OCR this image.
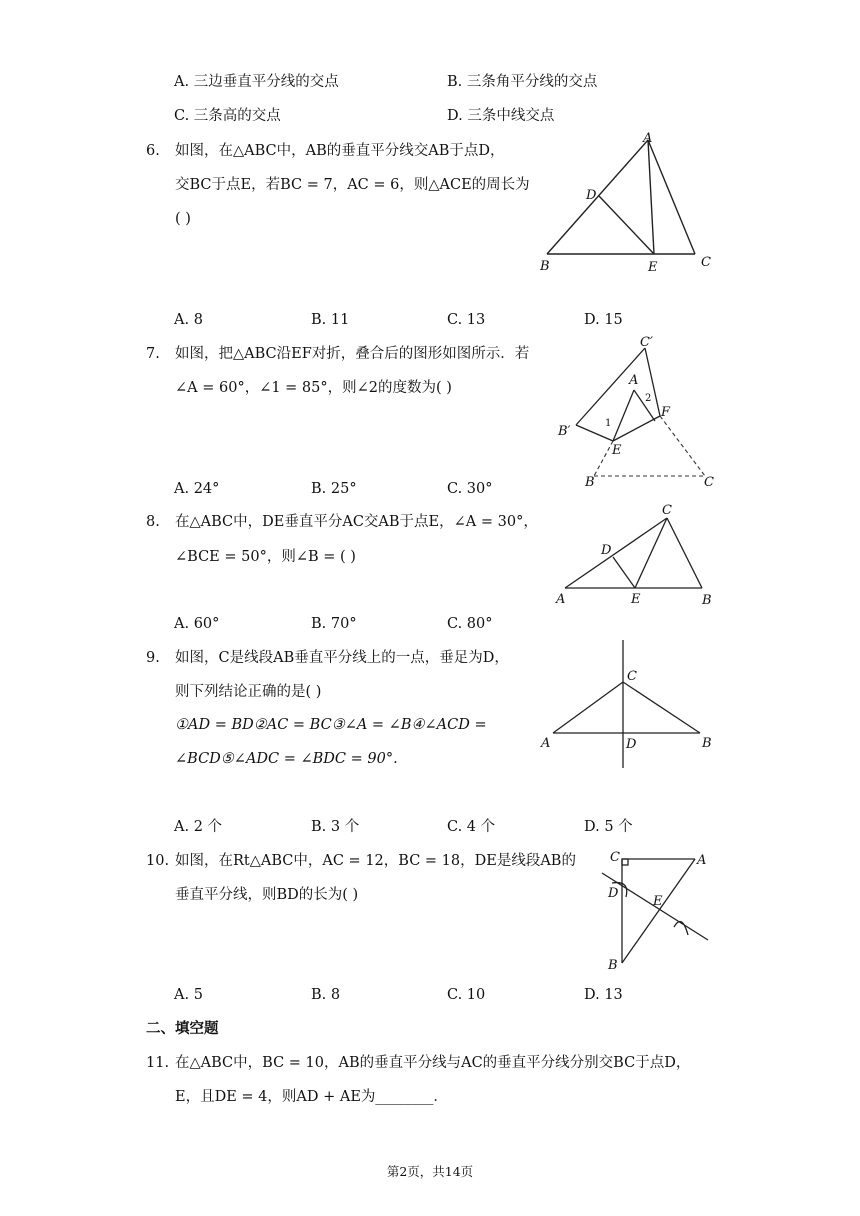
A. 三边垂直平分线的交点	B. 三条角平分线的交点
C. 三条高的交点	D. 三条中线交点
6. 如图，在△ABC中，AB的垂直平分线交AB于点D，
交BC于点E，若BC = 7，AC = 6，则△ACE的周长为
( )
A
D
B	E	C
A. 8	B. 11	C. 13	D. 15
7. 如图，把△ABC沿EF对折，叠合后的图形如图所示．若
∠A = 60°，∠1 = 85°，则∠2的度数为( )
C′
A
2
F
B′
1
E
B	C
A. 24°	B. 25°	C. 30°
8. 在△ABC中，DE垂直平分AC交AB于点E，∠A = 30°，
∠BCE = 50°，则∠B = ( )
C
D
A	E	B
A. 60°	B. 70°	C. 80°
9. 如图，C是线段AB垂直平分线上的一点，垂足为D，
则下列结论正确的是( )
①AD = BD②AC = BC③∠A = ∠B④∠ACD =
∠BCD⑤∠ADC = ∠BDC = 90°.
C
A	D	B
A. 2 个	B. 3 个	C. 4 个	D. 5 个
10. 如图，在Rt△ABC中，AC = 12，BC = 18，DE是线段AB的
垂直平分线，则BD的长为( )
C	A
D
E
B
A. 5	B. 8	C. 10	D. 13
二、填空题
11. 在△ABC中，BC = 10，AB的垂直平分线与AC的垂直平分线分别交BC于点D，
E，且DE = 4，则AD + AE为________．
第2页，共14页
